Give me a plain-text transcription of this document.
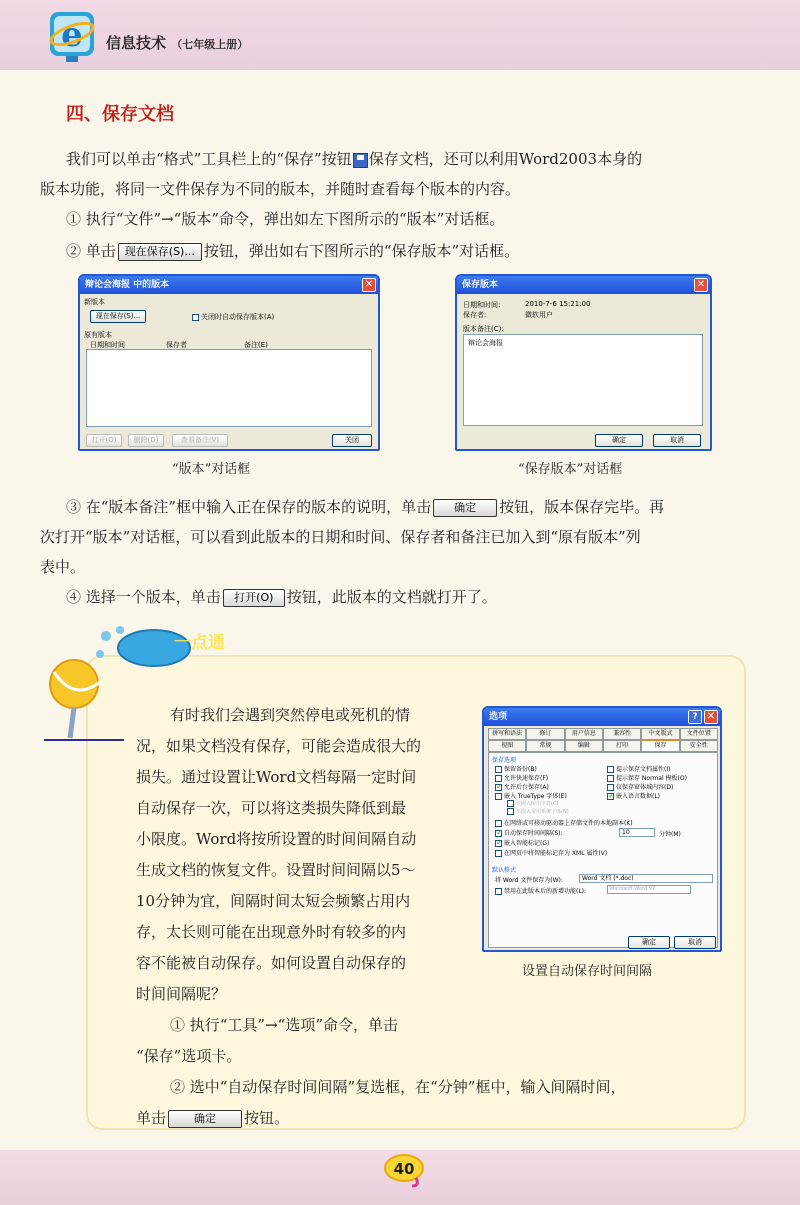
e 信息技术 （七年级上册）
四、保存文档
我们可以单击“格式”工具栏上的“保存”按钮 保存文档，还可以利用Word2003本身的
版本功能，将同一文件保存为不同的版本，并随时查看每个版本的内容。
① 执行“文件”→“版本”命令，弹出如左下图所示的“版本”对话框。
② 单击 现在保存(S)... 按钮，弹出如右下图所示的“保存版本”对话框。
辩论会海报 中的版本	✕
新版本
现在保存(S)...	关闭时自动保存版本(A)
原有版本
日期和时间	保存者	备注(E)
打开(O)	删除(D)	查看备注(V)	关闭
“版本”对话框
保存版本	✕
日期和时间:	2010-7-6 15:21:00
保存者:	微软用户
版本备注(C):
辩论会海报
确定	取消
“保存版本”对话框
③ 在“版本备注”框中输入正在保存的版本的说明，单击 确定 按钮，版本保存完毕。再
次打开“版本”对话框，可以看到此版本的日期和时间、保存者和备注已加入到“原有版本”列
表中。
④ 选择一个版本，单击 打开(O) 按钮，此版本的文档就打开了。
一点通
有时我们会遇到突然停电或死机的情
况，如果文档没有保存，可能会造成很大的
损失。通过设置让Word文档每隔一定时间
自动保存一次，可以将这类损失降低到最
小限度。Word将按所设置的时间间隔自动
生成文档的恢复文件。设置时间间隔以5～
10分钟为宜，间隔时间太短会频繁占用内
存，太长则可能在出现意外时有较多的内
容不能被自动保存。如何设置自动保存的
时间间隔呢？
① 执行“工具”→“选项”命令，单击
“保存”选项卡。
② 选中“自动保存时间间隔”复选框，在“分钟”框中，输入间隔时间，
单击	确定 按钮。
选项	? ✕
拼写和语法	修订	用户信息	兼容性	中文版式	文件位置
视图	常规	编辑	打印	保存	安全性
保存选项
保留备份(B)
允许快速保存(F)
✓允许后台保存(A)
嵌入 TrueType 字体(E)
只嵌入所用字符(C)
不嵌入常用系统字体(N)
提示保存文档属性(I)
提示保存 Normal 模板(O)
仅保存窗体域内容(D)
✓嵌入语言数据(L)
在网络或可移动驱动器上存储文件的本地副本(K)
✓自动保存时间间隔(S):	10	分钟(M)
✓嵌入智能标记(G)
在网页中将智能标记存为 XML 属性(V)
默认格式
将 Word 文件保存为(W):	Word 文档 (*.doc)
禁用在此版本后的新增功能(L):	Microsoft Word 97
确定	取消
设置自动保存时间间隔
40
